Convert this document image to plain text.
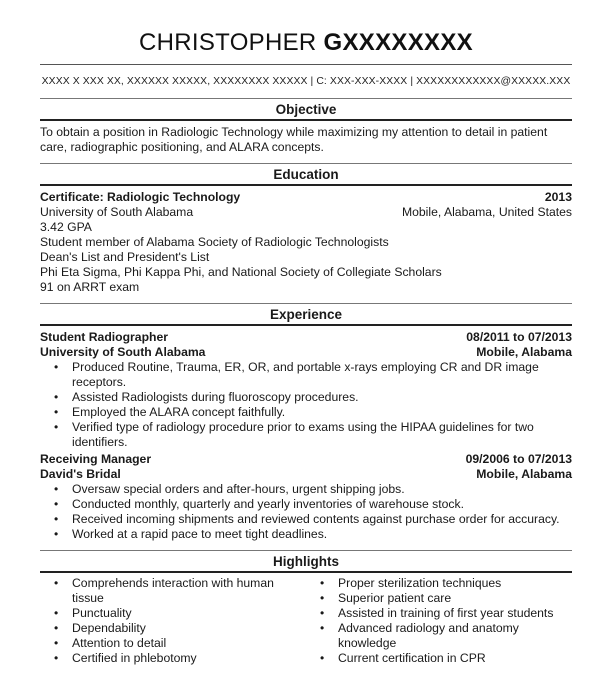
CHRISTOPHER GXXXXXXXX
XXXX X XXX XX, XXXXXX XXXXX, XXXXXXXX XXXXX | C: XXX-XXX-XXXX | XXXXXXXXXXXX@XXXXX.XXX
Objective
To obtain a position in Radiologic Technology while maximizing my attention to detail in patient care, radiographic positioning, and ALARA concepts.
Education
Certificate: Radiologic Technology	2013
University of South Alabama	Mobile, Alabama, United States
3.42 GPA
Student member of Alabama Society of Radiologic Technologists
Dean's List and President's List
Phi Eta Sigma, Phi Kappa Phi, and National Society of Collegiate Scholars
91 on ARRT exam
Experience
Student Radiographer	08/2011 to 07/2013
University of South Alabama	Mobile, Alabama
• Produced Routine, Trauma, ER, OR, and portable x-rays employing CR and DR image receptors.
• Assisted Radiologists during fluoroscopy procedures.
• Employed the ALARA concept faithfully.
• Verified type of radiology procedure prior to exams using the HIPAA guidelines for two identifiers.
Receiving Manager	09/2006 to 07/2013
David's Bridal	Mobile, Alabama
• Oversaw special orders and after-hours, urgent shipping jobs.
• Conducted monthly, quarterly and yearly inventories of warehouse stock.
• Received incoming shipments and reviewed contents against purchase order for accuracy.
• Worked at a rapid pace to meet tight deadlines.
Highlights
• Comprehends interaction with human tissue
• Punctuality
• Dependability
• Attention to detail
• Certified in phlebotomy
• Proper sterilization techniques
• Superior patient care
• Assisted in training of first year students
• Advanced radiology and anatomy knowledge
• Current certification in CPR
